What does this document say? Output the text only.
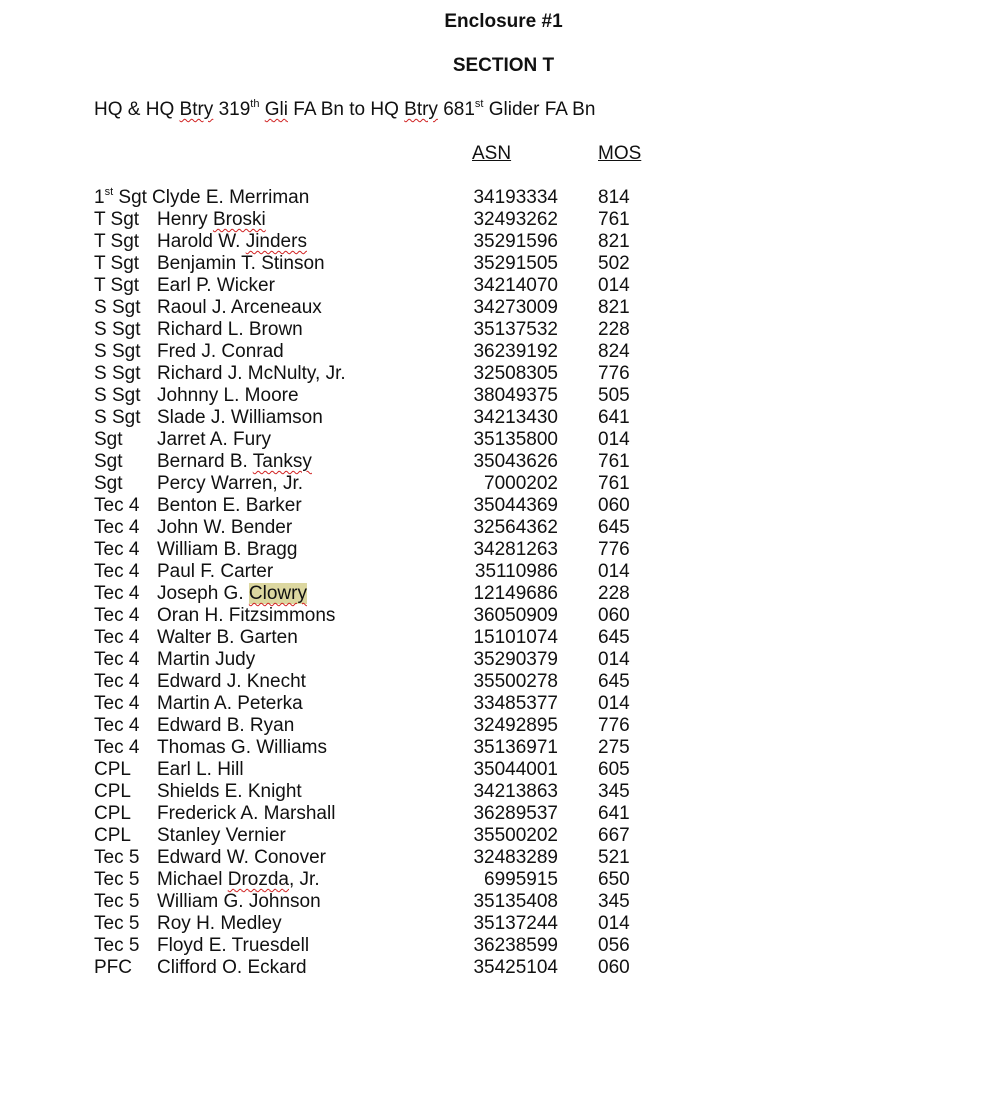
Enclosure #1
SECTION T
HQ & HQ Btry 319th Gli FA Bn to HQ Btry 681st Glider FA Bn
ASN	MOS
1st Sgt Clyde E. Merriman	34193334 814
T Sgt Henry Broski	32493262 761
T Sgt Harold W. Jinders	35291596 821
T Sgt Benjamin T. Stinson	35291505 502
T Sgt Earl P. Wicker	34214070 014
S Sgt Raoul J. Arceneaux	34273009 821
S Sgt Richard L. Brown	35137532 228
S Sgt Fred J. Conrad	36239192 824
S Sgt Richard J. McNulty, Jr.	32508305 776
S Sgt Johnny L. Moore	38049375 505
S Sgt Slade J. Williamson	34213430 641
Sgt Jarret A. Fury	35135800 014
Sgt Bernard B. Tanksy	35043626 761
Sgt Percy Warren, Jr.	7000202 761
Tec 4 Benton E. Barker	35044369 060
Tec 4 John W. Bender	32564362 645
Tec 4 William B. Bragg	34281263 776
Tec 4 Paul F. Carter	35110986 014
Tec 4 Joseph G. Clowry	12149686 228
Tec 4 Oran H. Fitzsimmons	36050909 060
Tec 4 Walter B. Garten	15101074 645
Tec 4 Martin Judy	35290379 014
Tec 4 Edward J. Knecht	35500278 645
Tec 4 Martin A. Peterka	33485377 014
Tec 4 Edward B. Ryan	32492895 776
Tec 4 Thomas G. Williams	35136971 275
CPL Earl L. Hill	35044001 605
CPL Shields E. Knight	34213863 345
CPL Frederick A. Marshall	36289537 641
CPL Stanley Vernier	35500202 667
Tec 5 Edward W. Conover	32483289 521
Tec 5 Michael Drozda, Jr.	6995915 650
Tec 5 William G. Johnson	35135408 345
Tec 5 Roy H. Medley	35137244 014
Tec 5 Floyd E. Truesdell	36238599 056
PFC Clifford O. Eckard	35425104 060
